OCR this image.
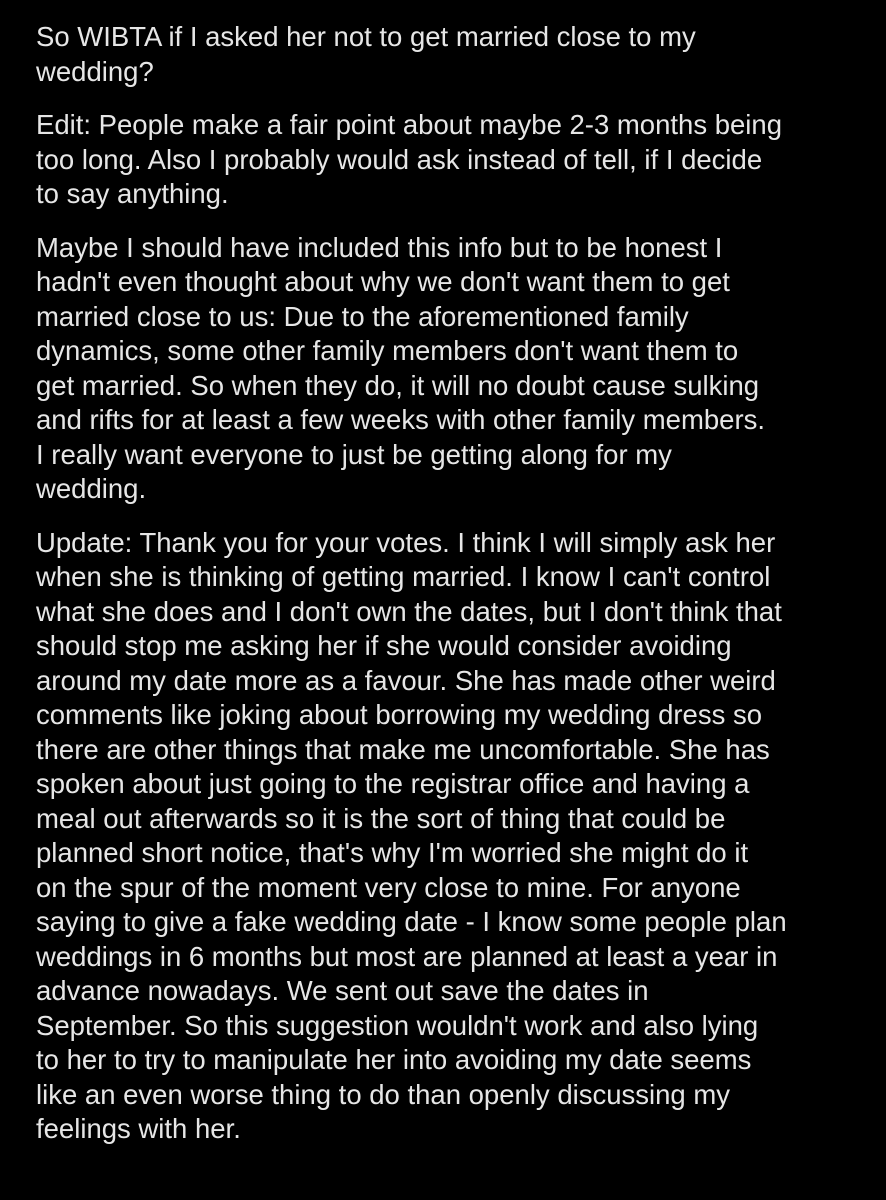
So WIBTA if I asked her not to get married close to my
wedding?

Edit: People make a fair point about maybe 2-3 months being
too long. Also I probably would ask instead of tell, if I decide
to say anything.

Maybe I should have included this info but to be honest I
hadn't even thought about why we don't want them to get
married close to us: Due to the aforementioned family
dynamics, some other family members don't want them to
get married. So when they do, it will no doubt cause sulking
and rifts for at least a few weeks with other family members.
I really want everyone to just be getting along for my
wedding.

Update: Thank you for your votes. I think I will simply ask her
when she is thinking of getting married. I know I can't control
what she does and I don't own the dates, but I don't think that
should stop me asking her if she would consider avoiding
around my date more as a favour. She has made other weird
comments like joking about borrowing my wedding dress so
there are other things that make me uncomfortable. She has
spoken about just going to the registrar office and having a
meal out afterwards so it is the sort of thing that could be
planned short notice, that's why I'm worried she might do it
on the spur of the moment very close to mine. For anyone
saying to give a fake wedding date - I know some people plan
weddings in 6 months but most are planned at least a year in
advance nowadays. We sent out save the dates in
September. So this suggestion wouldn't work and also lying
to her to try to manipulate her into avoiding my date seems
like an even worse thing to do than openly discussing my
feelings with her.
